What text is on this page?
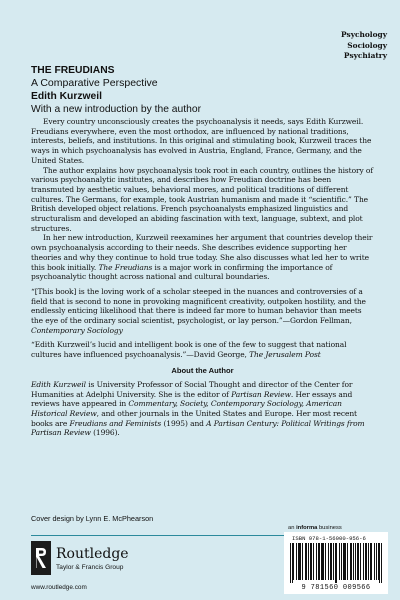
Psychology
Sociology
Psychiatry
THE FREUDIANS
A Comparative Perspective
Edith Kurzweil
With a new introduction by the author

Every country unconsciously creates the psychoanalysis it needs, says Edith Kurzweil. Freudians everywhere, even the most orthodox, are influenced by national traditions, interests, beliefs, and institutions. In this original and stimulating book, Kurzweil traces the ways in which psychoanalysis has evolved in Austria, England, France, Germany, and the United States.

The author explains how psychoanalysis took root in each country, outlines the history of various psychoanalytic institutes, and describes how Freudian doctrine has been transmuted by aesthetic values, behavioral mores, and political traditions of different cultures. The Germans, for example, took Austrian humanism and made it “scientific.” The British developed object relations. French psychoanalysts emphasized linguistics and structuralism and developed an abiding fascination with text, language, subtext, and plot structures.

In her new introduction, Kurzweil reexamines her argument that countries develop their own psychoanalysis according to their needs. She describes evidence supporting her theories and why they continue to hold true today. She also discusses what led her to write this book initially. The Freudians is a major work in confirming the importance of psychoanalytic thought across national and cultural boundaries.

“[This book] is the loving work of a scholar steeped in the nuances and controversies of a field that is second to none in provoking magnificent creativity, outpoken hostility, and the endlessly enticing likelihood that there is indeed far more to human behavior than meets the eye of the ordinary social scientist, psychologist, or lay person.”—Gordon Fellman, Contemporary Sociology

“Edith Kurzweil’s lucid and intelligent book is one of the few to suggest that national cultures have influenced psychoanalysis.”—David George, The Jerusalem Post

About the Author

Edith Kurzweil is University Professor of Social Thought and director of the Center for Humanities at Adelphi University. She is the editor of Partisan Review. Her essays and reviews have appeared in Commentary, Society, Contemporary Sociology, American Historical Review, and other journals in the United States and Europe. Her most recent books are Freudians and Feminists (1995) and A Partisan Century: Political Writings from Partisan Review (1996).

Cover design by Lynn E. McPhearson
an informa business
Routledge
Taylor & Francis Group
www.routledge.com
ISBN 978-1-56000-956-6
9 781560 009566
